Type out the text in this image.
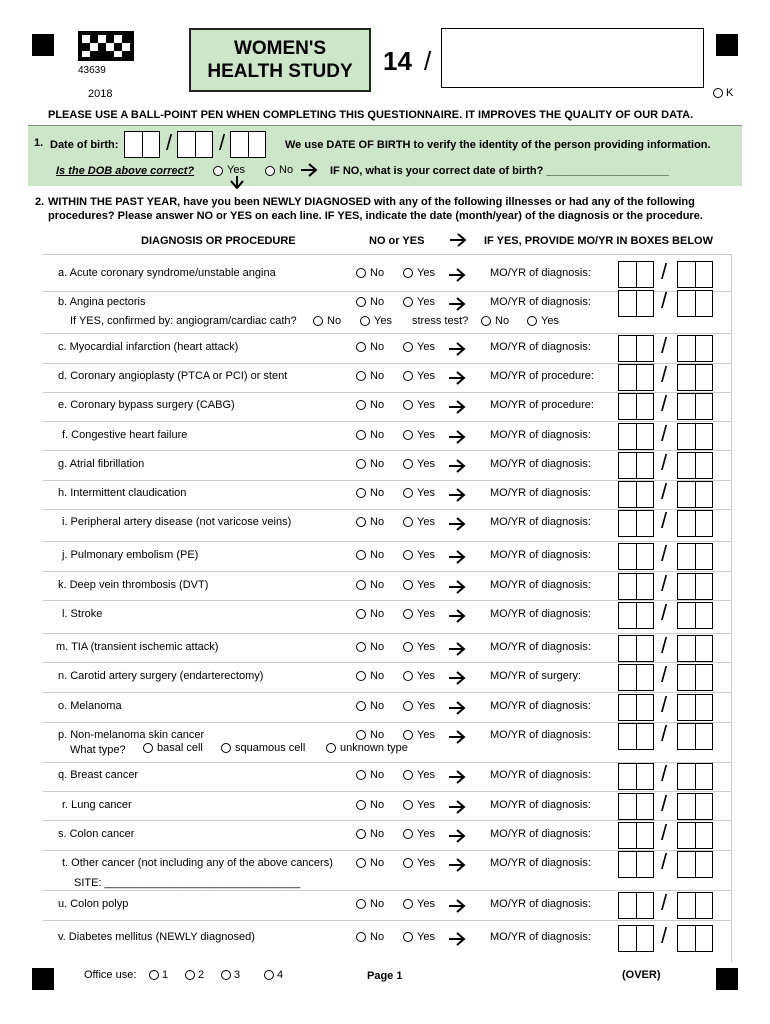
43639
2018
WOMEN'S
HEALTH STUDY	14 /
K
PLEASE USE A BALL-POINT PEN WHEN COMPLETING THIS QUESTIONNAIRE. IT IMPROVES THE QUALITY OF OUR DATA.
1. Date of birth: / /	We use DATE OF BIRTH to verify the identity of the person providing information.
Is the DOB above correct?	Yes	No	IF NO, what is your correct date of birth? ____________________
2. WITHIN THE PAST YEAR, have you been NEWLY DIAGNOSED with any of the following illnesses or had any of the following procedures? Please answer NO or YES on each line. IF YES, indicate the date (month/year) of the diagnosis or the procedure.
DIAGNOSIS OR PROCEDURE	NO or YES	IF YES, PROVIDE MO/YR IN BOXES BELOW
a. Acute coronary syndrome/unstable angina	No	Yes	MO/YR of diagnosis:	/
b. Angina pectoris	No	Yes	MO/YR of diagnosis:	/
If YES, confirmed by: angiogram/cardiac cath?	No	Yes stress test? No	Yes
c. Myocardial infarction (heart attack)	No	Yes	MO/YR of diagnosis:	/
d. Coronary angioplasty (PTCA or PCI) or stent	No	Yes	MO/YR of procedure:	/
e. Coronary bypass surgery (CABG)	No	Yes	MO/YR of procedure:	/
f. Congestive heart failure	No	Yes	MO/YR of diagnosis:	/
g. Atrial fibrillation	No	Yes	MO/YR of diagnosis:	/
h. Intermittent claudication	No	Yes	MO/YR of diagnosis:	/
i. Peripheral artery disease (not varicose veins)	No	Yes	MO/YR of diagnosis:	/
j. Pulmonary embolism (PE)	No	Yes	MO/YR of diagnosis:	/
k. Deep vein thrombosis (DVT)	No	Yes	MO/YR of diagnosis:	/
l. Stroke	No	Yes	MO/YR of diagnosis:	/
m. TIA (transient ischemic attack)	No	Yes	MO/YR of diagnosis:	/
n. Carotid artery surgery (endarterectomy)	No	Yes	MO/YR of surgery:	/
o. Melanoma	No	Yes	MO/YR of diagnosis:	/
p. Non-melanoma skin cancer	No	Yes	MO/YR of diagnosis:	/
What type?	basal cell	squamous cell	unknown type
q. Breast cancer	No	Yes	MO/YR of diagnosis:	/
r. Lung cancer	No	Yes	MO/YR of diagnosis:	/
s. Colon cancer	No	Yes	MO/YR of diagnosis:	/
t. Other cancer (not including any of the above cancers)	No	Yes	MO/YR of diagnosis:	/
SITE: ________________________________
u. Colon polyp	No	Yes	MO/YR of diagnosis:	/
v. Diabetes mellitus (NEWLY diagnosed)	No	Yes	MO/YR of diagnosis:	/
Office use: 1	2	3	4	Page 1	(OVER)
